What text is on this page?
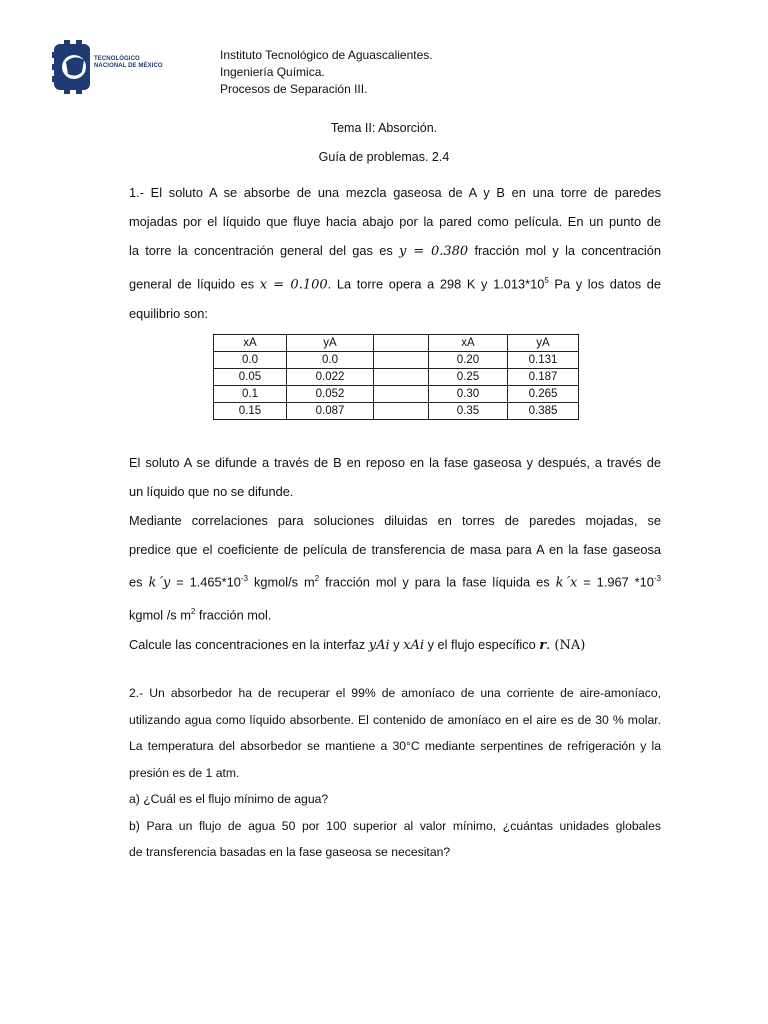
TECNOLÓGICO
NACIONAL DE MÉXICO
Instituto Tecnológico de Aguascalientes.
Ingeniería Química.
Procesos de Separación III.
Tema II: Absorción.
Guía de problemas. 2.4
1.- El soluto A se absorbe de una mezcla gaseosa de A y B en una torre de paredes
mojadas por el líquido que fluye hacia abajo por la pared como película. En un punto de
la torre la concentración general del gas es y = 0.380 fracción mol y la concentración
general de líquido es x = 0.100. La torre opera a 298 K y $1.013*10^5$ Pa y los datos de
equilibrio son:
xA	yA		xA	yA
0.0	0.0		0.20	0.131
0.05	0.022		0.25	0.187
0.1	0.052		0.30	0.265
0.15	0.087		0.35	0.385
El soluto A se difunde a través de B en reposo en la fase gaseosa y después, a través de
un líquido que no se difunde.
Mediante correlaciones para soluciones diluidas en torres de paredes mojadas, se
predice que el coeficiente de película de transferencia de masa para A en la fase gaseosa
es k´y = $1.465*10^{-3}$ kgmol/s $m^2$ fracción mol y para la fase líquida es k´x = 1.967 $*10^{-3}$
kgmol /s $m^2$ fracción mol.
Calcule las concentraciones en la interfaz yAi y xAi y el flujo específico r. (NA)
2.- Un absorbedor ha de recuperar el 99% de amoníaco de una corriente de aire-amoníaco,
utilizando agua como líquido absorbente. El contenido de amoníaco en el aire es de 30 % molar.
La temperatura del absorbedor se mantiene a 30°C mediante serpentines de refrigeración y la
presión es de 1 atm.
a) ¿Cuál es el flujo mínimo de agua?
b) Para un flujo de agua 50 por 100 superior al valor mínimo, ¿cuántas unidades globales
de transferencia basadas en la fase gaseosa se necesitan?
